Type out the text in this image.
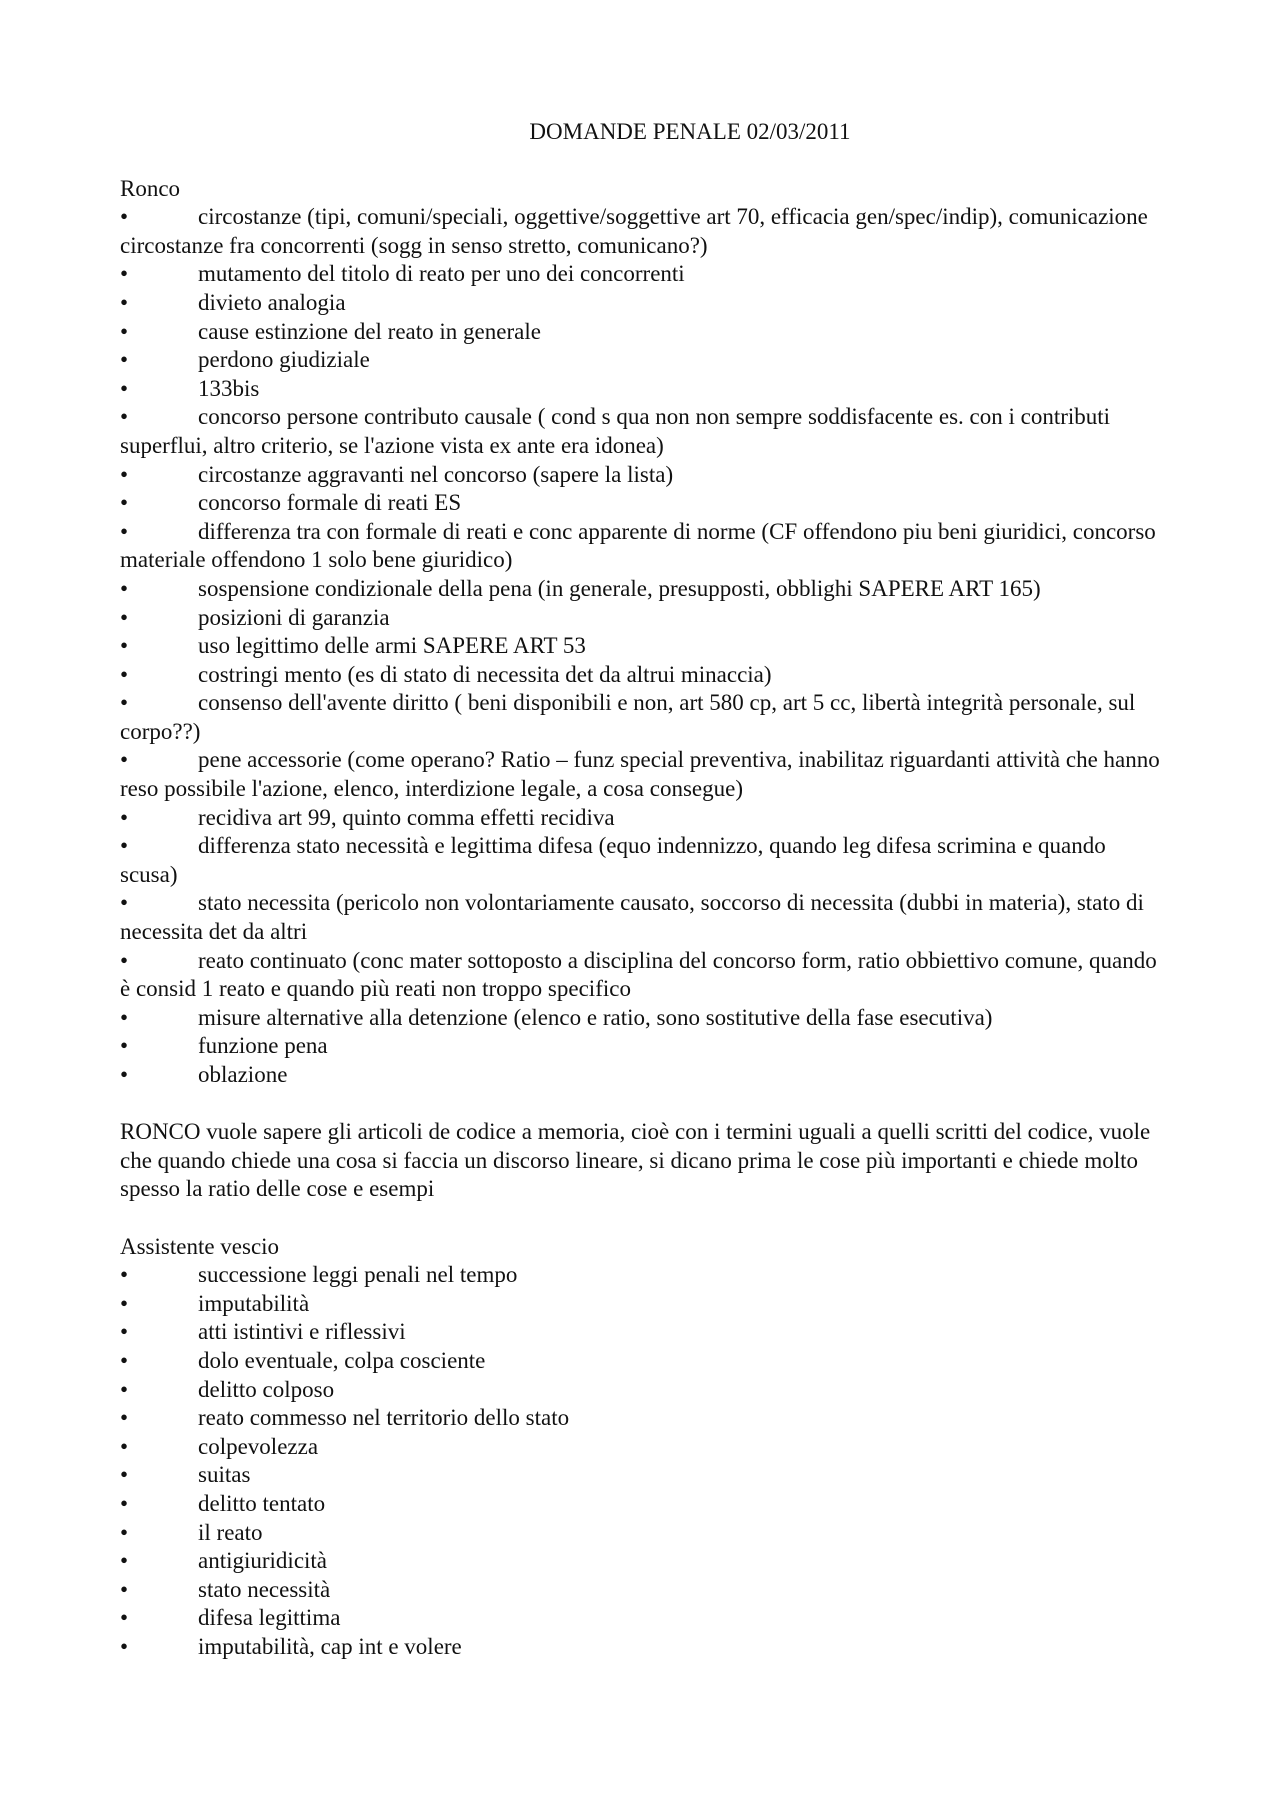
DOMANDE PENALE 02/03/2011
Ronco
•	circostanze (tipi, comuni/speciali, oggettive/soggettive art 70, efficacia gen/spec/indip), comunicazione circostanze fra concorrenti (sogg in senso stretto, comunicano?)
•	mutamento del titolo di reato per uno dei concorrenti
•	divieto analogia
•	cause estinzione del reato in generale
•	perdono giudiziale
•	133bis
•	concorso persone contributo causale ( cond s qua non non sempre soddisfacente es. con i contributi superflui, altro criterio, se l'azione vista ex ante era idonea)
•	circostanze aggravanti nel concorso (sapere la lista)
•	concorso formale di reati ES
•	differenza tra con formale di reati e conc apparente di norme (CF offendono piu beni giuridici, concorso materiale offendono 1 solo bene giuridico)
•	sospensione condizionale della pena (in generale, presupposti, obblighi SAPERE ART 165)
•	posizioni di garanzia
•	uso legittimo delle armi SAPERE ART 53
•	costringi mento (es di stato di necessita det da altrui minaccia)
•	consenso dell'avente diritto ( beni disponibili e non, art 580 cp, art 5 cc, libertà integrità personale, sul corpo??)
•	pene accessorie (come operano? Ratio – funz special preventiva, inabilitaz riguardanti attività che hanno reso possibile l'azione, elenco, interdizione legale, a cosa consegue)
•	recidiva art 99, quinto comma effetti recidiva
•	differenza stato necessità e legittima difesa (equo indennizzo, quando leg difesa scrimina e quando scusa)
•	stato necessita (pericolo non volontariamente causato, soccorso di necessita (dubbi in materia), stato di necessita det da altri
•	reato continuato (conc mater sottoposto a disciplina del concorso form, ratio obbiettivo comune, quando è consid 1 reato e quando più reati non troppo specifico
•	misure alternative alla detenzione (elenco e ratio, sono sostitutive della fase esecutiva)
•	funzione pena
•	oblazione
RONCO vuole sapere gli articoli de codice a memoria, cioè con i termini uguali a quelli scritti del codice, vuole che quando chiede una cosa si faccia un discorso lineare, si dicano prima le cose più importanti e chiede molto spesso la ratio delle cose e esempi
Assistente vescio
•	successione leggi penali nel tempo
•	imputabilità
•	atti istintivi e riflessivi
•	dolo eventuale, colpa cosciente
•	delitto colposo
•	reato commesso nel territorio dello stato
•	colpevolezza
•	suitas
•	delitto tentato
•	il reato
•	antigiuridicità
•	stato necessità
•	difesa legittima
•	imputabilità, cap int e volere
